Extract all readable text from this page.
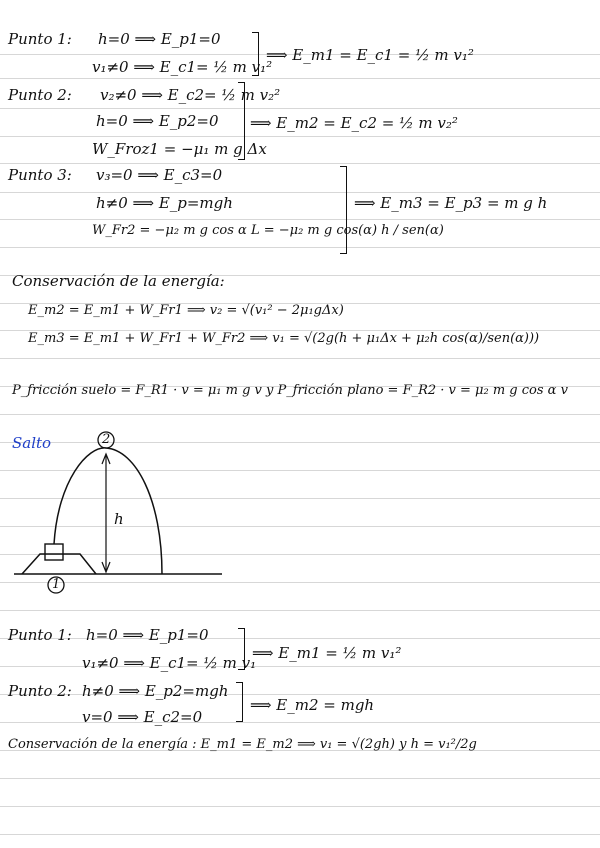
Punto 1: h=0 ⟹ E_p1=0
v₁≠0 ⟹ E_c1= ½ m v₁²
⟹ E_m1 = E_c1 = ½ m v₁²
Punto 2: v₂≠0 ⟹ E_c2= ½ m v₂²
h=0 ⟹ E_p2=0
W_Froz1 = −μ₁ m g Δx
⟹ E_m2 = E_c2 = ½ m v₂²
Punto 3: v₃=0 ⟹ E_c3=0
h≠0 ⟹ E_p=mgh
W_Fr2 = −μ₂ m g cos α L = −μ₂ m g cos(α) h / sen(α)
⟹ E_m3 = E_p3 = m g h
Conservación de la energía:
E_m2 = E_m1 + W_Fr1 ⟹ v₂ = √(v₁² − 2μ₁gΔx)
E_m3 = E_m1 + W_Fr1 + W_Fr2 ⟹ v₁ = √(2g(h + μ₁Δx + μ₂h cos(α)/sen(α)))
P_fricción suelo = F_R1 · v = μ₁ m g v y P_fricción plano = F_R2 · v = μ₂ m g cos α v
Salto	2
1
h
Punto 1: h=0 ⟹ E_p1=0
v₁≠0 ⟹ E_c1= ½ m v₁
⟹ E_m1 = ½ m v₁²
Punto 2: h≠0 ⟹ E_p2=mgh
v=0 ⟹ E_c2=0
⟹ E_m2 = mgh
Conservación de la energía : E_m1 = E_m2 ⟹ v₁ = √(2gh) y h = v₁²/2g
